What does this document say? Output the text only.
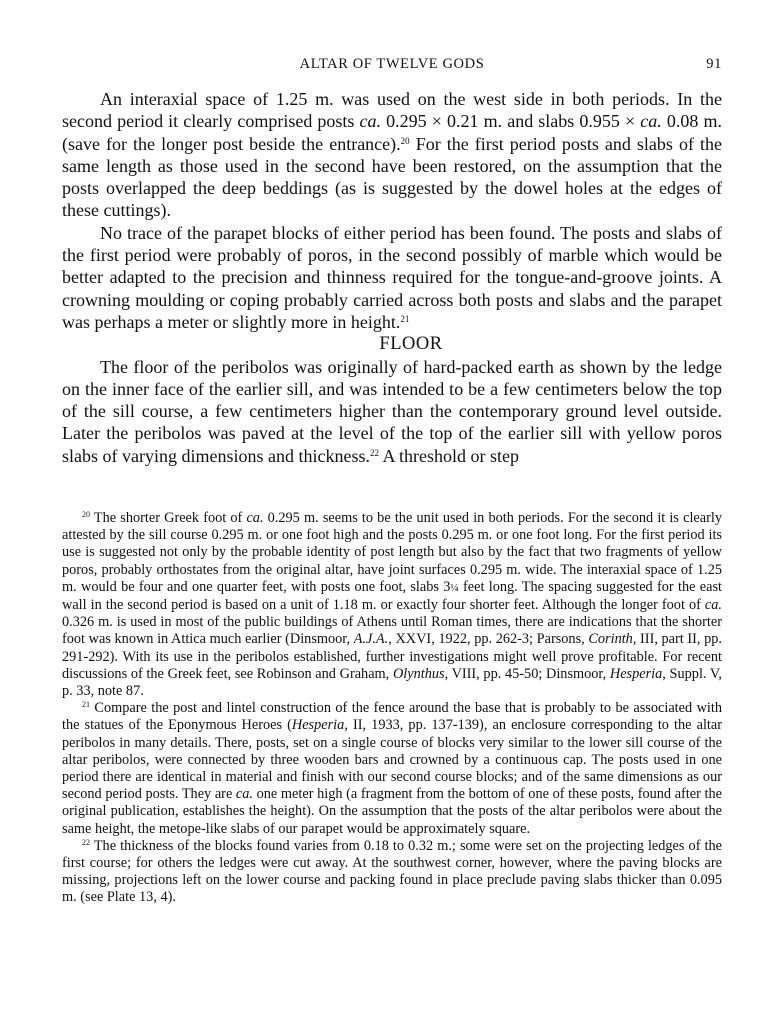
ALTAR OF TWELVE GODS	91

An interaxial space of 1.25 m. was used on the west side in both periods. In the second period it clearly comprised posts ca. 0.295 × 0.21 m. and slabs 0.955 × ca. 0.08 m. (save for the longer post beside the entrance).$^{20}$ For the first period posts and slabs of the same length as those used in the second have been restored, on the assumption that the posts overlapped the deep beddings (as is suggested by the dowel holes at the edges of these cuttings).

No trace of the parapet blocks of either period has been found. The posts and slabs of the first period were probably of poros, in the second possibly of marble which would be better adapted to the precision and thinness required for the tongue-and-groove joints. A crowning moulding or coping probably carried across both posts and slabs and the parapet was perhaps a meter or slightly more in height.$^{21}$

FLOOR

The floor of the peribolos was originally of hard-packed earth as shown by the ledge on the inner face of the earlier sill, and was intended to be a few centimeters below the top of the sill course, a few centimeters higher than the contemporary ground level outside. Later the peribolos was paved at the level of the top of the earlier sill with yellow poros slabs of varying dimensions and thickness.$^{22}$ A threshold or step

$^{20}$ The shorter Greek foot of ca. 0.295 m. seems to be the unit used in both periods. For the second it is clearly attested by the sill course 0.295 m. or one foot high and the posts 0.295 m. or one foot long. For the first period its use is suggested not only by the probable identity of post length but also by the fact that two fragments of yellow poros, probably orthostates from the original altar, have joint surfaces 0.295 m. wide. The interaxial space of 1.25 m. would be four and one quarter feet, with posts one foot, slabs 3¼ feet long. The spacing suggested for the east wall in the second period is based on a unit of 1.18 m. or exactly four shorter feet. Although the longer foot of ca. 0.326 m. is used in most of the public buildings of Athens until Roman times, there are indications that the shorter foot was known in Attica much earlier (Dinsmoor, A.J.A., XXVI, 1922, pp. 262-3; Parsons, Corinth, III, part II, pp. 291-292). With its use in the peribolos established, further investigations might well prove profitable. For recent discussions of the Greek feet, see Robinson and Graham, Olynthus, VIII, pp. 45-50; Dinsmoor, Hesperia, Suppl. V, p. 33, note 87.

$^{21}$ Compare the post and lintel construction of the fence around the base that is probably to be associated with the statues of the Eponymous Heroes (Hesperia, II, 1933, pp. 137-139), an enclosure corresponding to the altar peribolos in many details. There, posts, set on a single course of blocks very similar to the lower sill course of the altar peribolos, were connected by three wooden bars and crowned by a continuous cap. The posts used in one period there are identical in material and finish with our second course blocks; and of the same dimensions as our second period posts. They are ca. one meter high (a fragment from the bottom of one of these posts, found after the original publication, establishes the height). On the assumption that the posts of the altar peribolos were about the same height, the metope-like slabs of our parapet would be approximately square.

$^{22}$ The thickness of the blocks found varies from 0.18 to 0.32 m.; some were set on the projecting ledges of the first course; for others the ledges were cut away. At the southwest corner, however, where the paving blocks are missing, projections left on the lower course and packing found in place preclude paving slabs thicker than 0.095 m. (see Plate 13, 4).
